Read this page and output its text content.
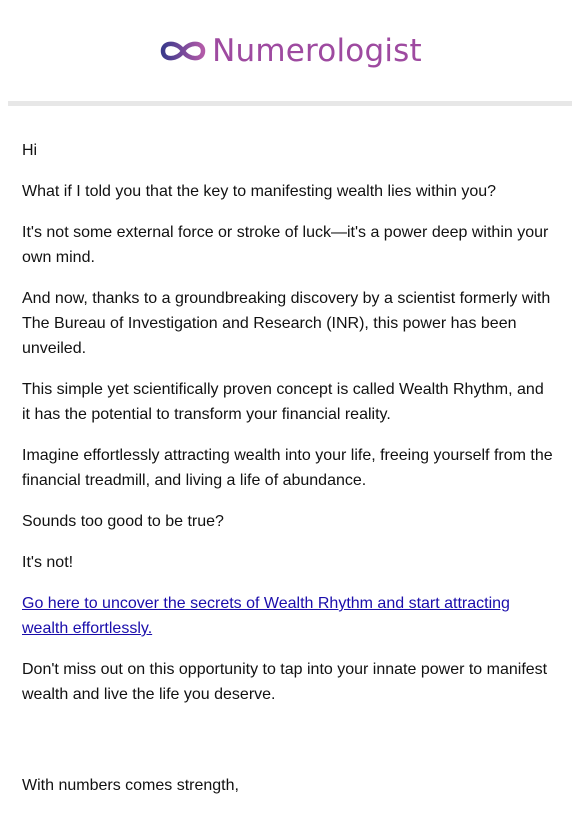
Numerologist

Hi

What if I told you that the key to manifesting wealth lies within you?

It's not some external force or stroke of luck—it's a power deep within your own mind.

And now, thanks to a groundbreaking discovery by a scientist formerly with The Bureau of Investigation and Research (INR), this power has been unveiled.

This simple yet scientifically proven concept is called Wealth Rhythm, and it has the potential to transform your financial reality.

Imagine effortlessly attracting wealth into your life, freeing yourself from the financial treadmill, and living a life of abundance.

Sounds too good to be true?

It's not!

Go here to uncover the secrets of Wealth Rhythm and start attracting wealth effortlessly.

Don't miss out on this opportunity to tap into your innate power to manifest wealth and live the life you deserve.

With numbers comes strength,
